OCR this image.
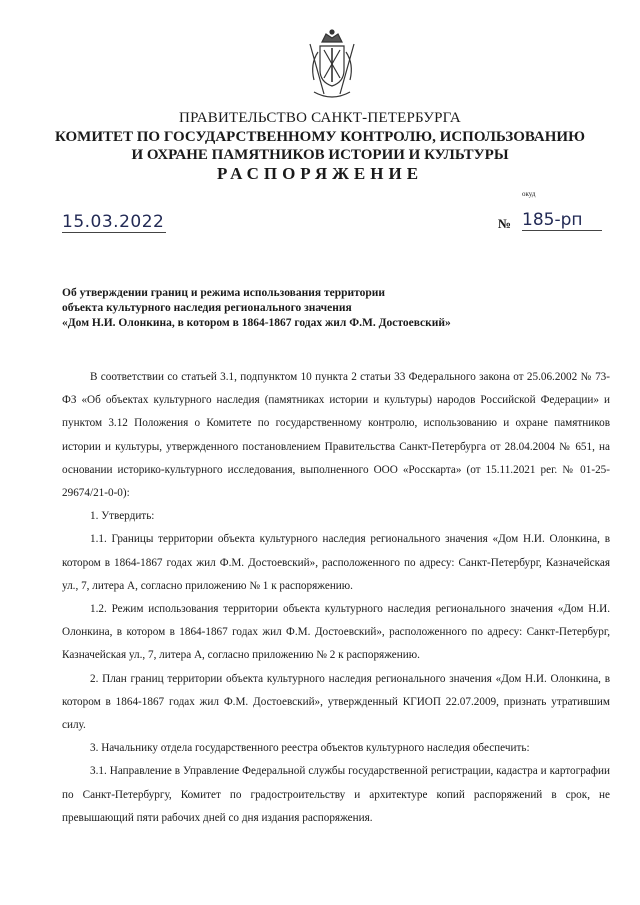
ПРАВИТЕЛЬСТВО САНКТ-ПЕТЕРБУРГА
КОМИТЕТ ПО ГОСУДАРСТВЕННОМУ КОНТРОЛЮ, ИСПОЛЬЗОВАНИЮ
И ОХРАНЕ ПАМЯТНИКОВ ИСТОРИИ И КУЛЬТУРЫ
РАСПОРЯЖЕНИЕ
окуд
15.03.2022	№ 185-рп
Об утверждении границ и режима использования территории
объекта культурного наследия регионального значения
«Дом Н.И. Олонкина, в котором в 1864-1867 годах жил Ф.М. Достоевский»

В соответствии со статьей 3.1, подпунктом 10 пункта 2 статьи 33 Федерального закона от 25.06.2002 № 73-ФЗ «Об объектах культурного наследия (памятниках истории и культуры) народов Российской Федерации» и пунктом 3.12 Положения о Комитете по государственному контролю, использованию и охране памятников истории и культуры, утвержденного постановлением Правительства Санкт-Петербурга от 28.04.2004 № 651, на основании историко-культурного исследования, выполненного ООО «Росскарта» (от 15.11.2021 рег. № 01-25-29674/21-0-0):

1. Утвердить:

1.1. Границы территории объекта культурного наследия регионального значения «Дом Н.И. Олонкина, в котором в 1864-1867 годах жил Ф.М. Достоевский», расположенного по адресу: Санкт-Петербург, Казначейская ул., 7, литера А, согласно приложению № 1 к распоряжению.

1.2. Режим использования территории объекта культурного наследия регионального значения «Дом Н.И. Олонкина, в котором в 1864-1867 годах жил Ф.М. Достоевский», расположенного по адресу: Санкт-Петербург, Казначейская ул., 7, литера А, согласно приложению № 2 к распоряжению.

2. План границ территории объекта культурного наследия регионального значения «Дом Н.И. Олонкина, в котором в 1864-1867 годах жил Ф.М. Достоевский», утвержденный КГИОП 22.07.2009, признать утратившим силу.

3. Начальнику отдела государственного реестра объектов культурного наследия обеспечить:

3.1. Направление в Управление Федеральной службы государственной регистрации, кадастра и картографии по Санкт-Петербургу, Комитет по градостроительству и архитектуре копий распоряжений в срок, не превышающий пяти рабочих дней со дня издания распоряжения.
